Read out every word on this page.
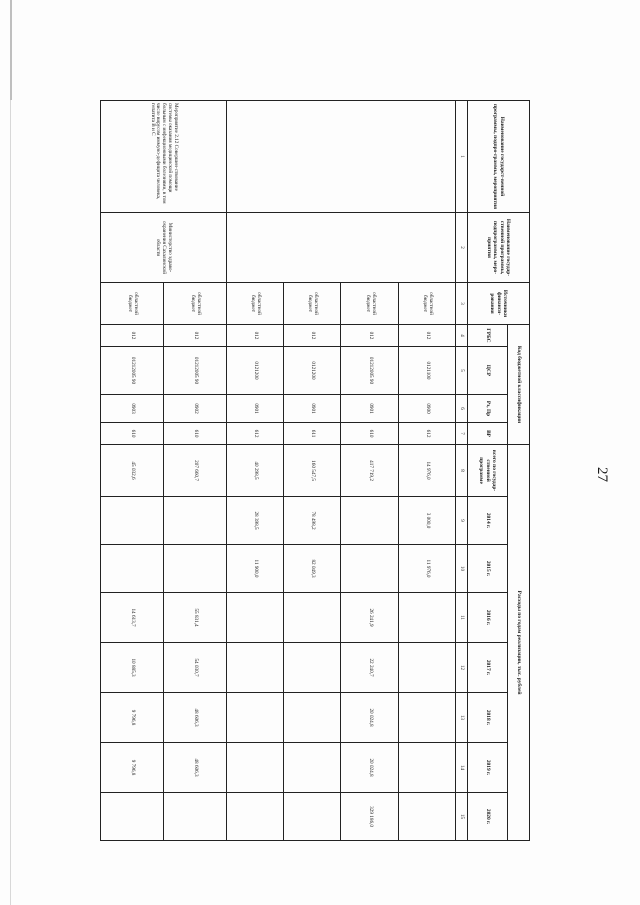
27
Наименование государст-венной программы, подпро-граммы, мероприятия	Наименование государ-ственной программы, подпрограммы, меро-приятия	Источники финанси-рования	Код бюджетной классификации				Расходы по годам реализации, тыс. рублей							
			ГРБС	ЦСР	Рз, Пр	ВР	всего по государ-ственной программе	2014 г.	2015 г.	2016 г.	2017 г.	2018 г.	2019 г.	2020 г.
1	2	3	4	5	6	7	8	9	10	11	12	13	14	15
		областной бюджет	012	0121100	0900	612	14 976,0	3 000,0	11 976,0					
		областной бюджет	012	01212005 90	0901	610	417 719,2			26 241,9	22 240,7	20 024,8	20 024,8	329 186,0
		областной бюджет	012	0121200	0901	611	160 547,5	78 498,2	82 049,3					
		областной бюджет	012	0121200	0901	612	40 298,5	28 398,5	11 900,0					
Мероприятие 2.12 Совершен-ствование системы оказания медицинской помощи больным с инфекционными болезнями, в том числе вирусом иммуно-дефицита человека, гепатита В и С	Министерство здраво-охранения Сахалинской области	областной бюджет	012	01212005 90	0902	610	207 660,7			55 831,4	54 030,7	48 606,3	48 606,3	
		областной бюджет	012	01212005 90	0903	610	45 032,6			14 613,7	10 885,3	9 796,8	9 796,8	
